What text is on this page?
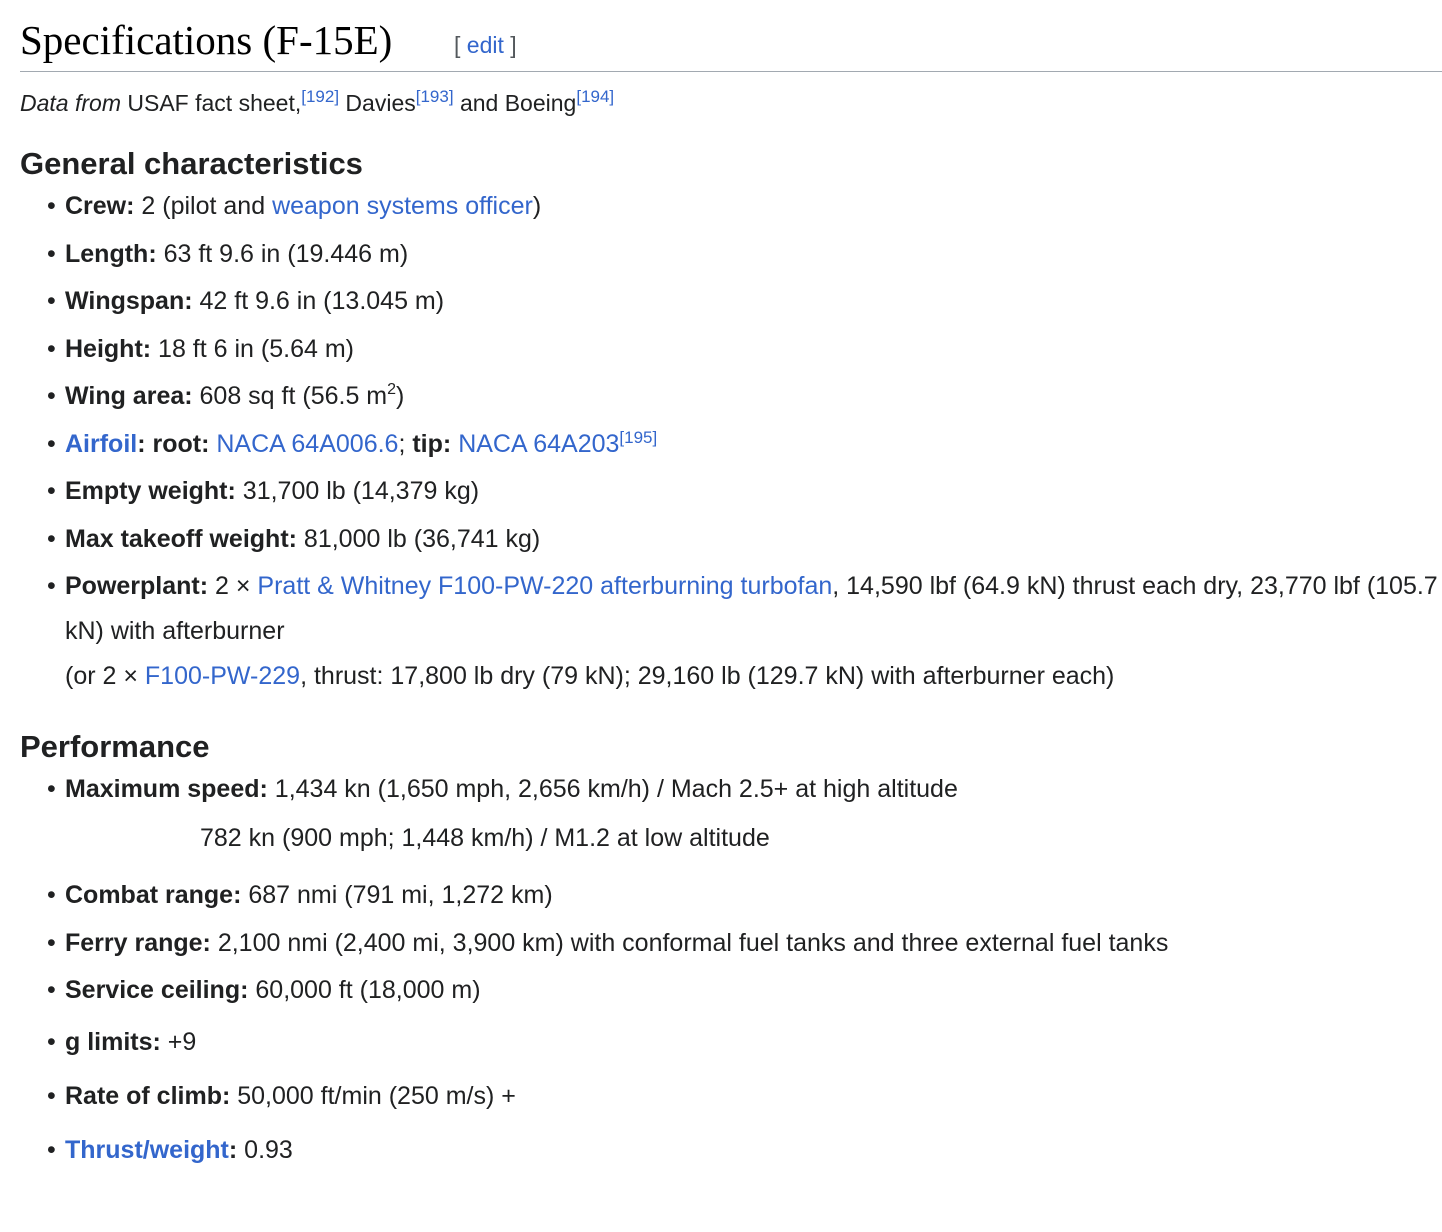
Specifications (F-15E)	[ edit ]
Data from USAF fact sheet,[192] Davies[193] and Boeing[194]
General characteristics
• Crew: 2 (pilot and weapon systems officer)
• Length: 63 ft 9.6 in (19.446 m)
• Wingspan: 42 ft 9.6 in (13.045 m)
• Height: 18 ft 6 in (5.64 m)
• Wing area: 608 sq ft (56.5 $m^2$)
• Airfoil: root: NACA 64A006.6; tip: NACA 64A203[195]
• Empty weight: 31,700 lb (14,379 kg)
• Max takeoff weight: 81,000 lb (36,741 kg)
• Powerplant: 2 × Pratt & Whitney F100-PW-220 afterburning turbofan, 14,590 lbf (64.9 kN) thrust each dry, 23,770 lbf (105.7 kN) with afterburner
(or 2 × F100-PW-229, thrust: 17,800 lb dry (79 kN); 29,160 lb (129.7 kN) with afterburner each)
Performance
• Maximum speed: 1,434 kn (1,650 mph, 2,656 km/h) / Mach 2.5+ at high altitude
782 kn (900 mph; 1,448 km/h) / M1.2 at low altitude
• Combat range: 687 nmi (791 mi, 1,272 km)
• Ferry range: 2,100 nmi (2,400 mi, 3,900 km) with conformal fuel tanks and three external fuel tanks
• Service ceiling: 60,000 ft (18,000 m)
• g limits: +9
• Rate of climb: 50,000 ft/min (250 m/s) +
• Thrust/weight: 0.93
